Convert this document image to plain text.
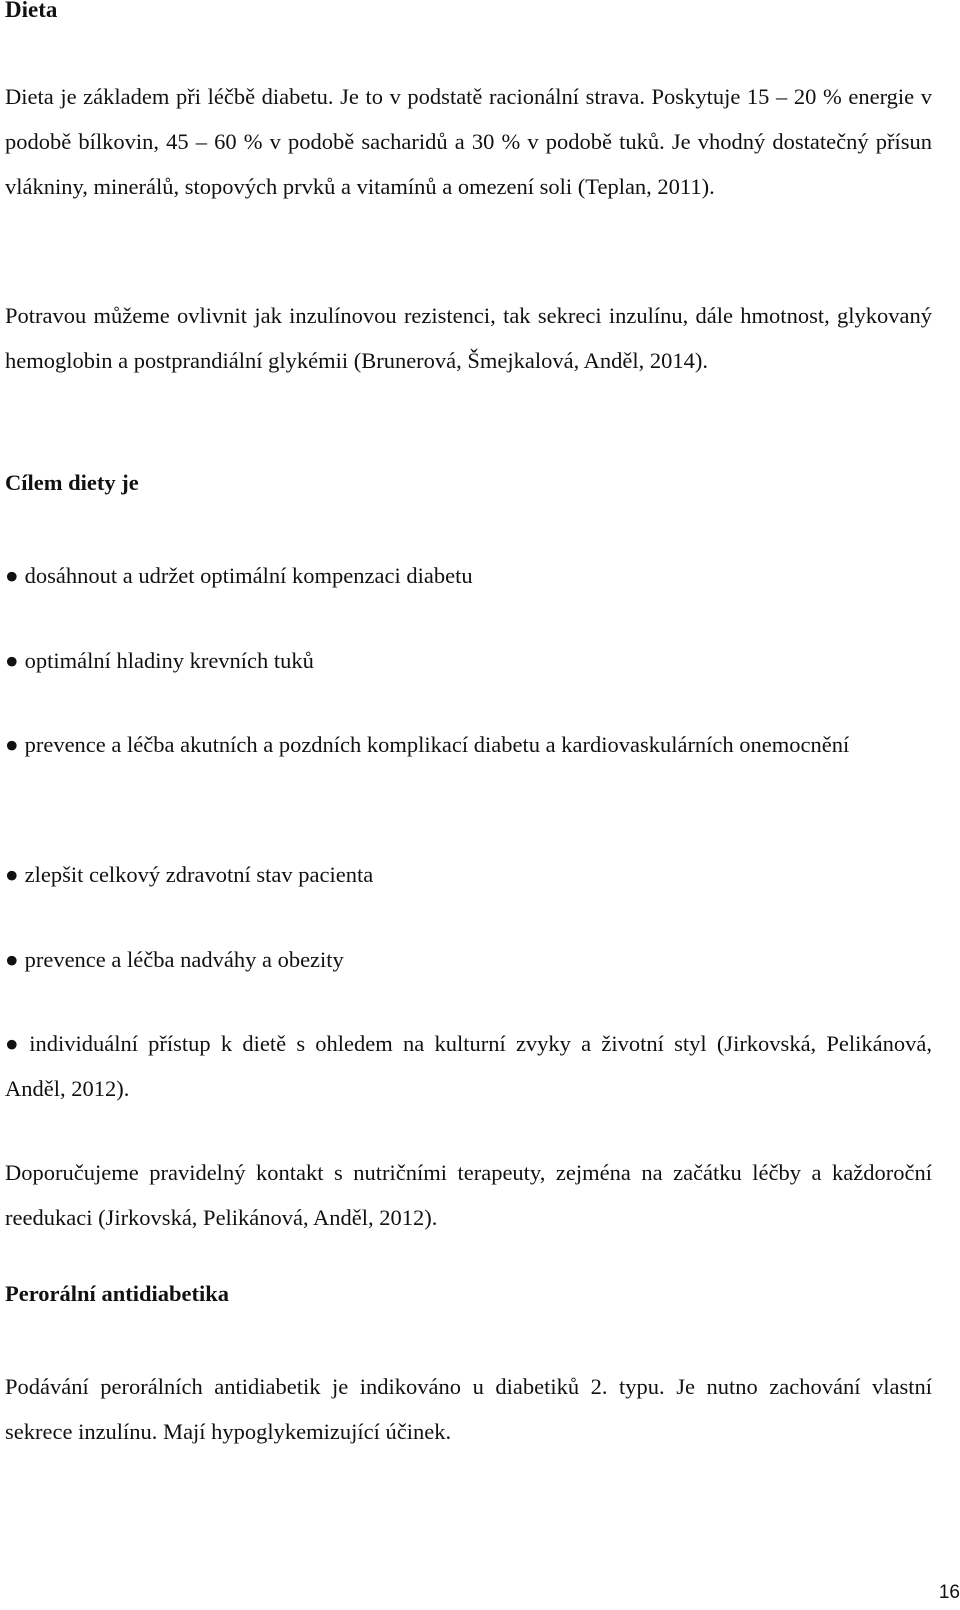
Dieta

Dieta je základem při léčbě diabetu. Je to v podstatě racionální strava. Poskytuje 15 – 20 % energie v podobě bílkovin, 45 – 60 % v podobě sacharidů a 30 % v podobě tuků. Je vhodný dostatečný přísun vlákniny, minerálů, stopových prvků a vitamínů a omezení soli (Teplan, 2011).

Potravou můžeme ovlivnit jak inzulínovou rezistenci, tak sekreci inzulínu, dále hmotnost, glykovaný hemoglobin a postprandiální glykémii (Brunerová, Šmejkalová, Anděl, 2014).

Cílem diety je

● dosáhnout a udržet optimální kompenzaci diabetu

● optimální hladiny krevních tuků

● prevence a léčba akutních a pozdních komplikací diabetu a kardiovaskulárních onemocnění

● zlepšit celkový zdravotní stav pacienta

● prevence a léčba nadváhy a obezity

● individuální přístup k dietě s ohledem na kulturní zvyky a životní styl (Jirkovská, Pelikánová, Anděl, 2012).

Doporučujeme pravidelný kontakt s nutričními terapeuty, zejména na začátku léčby a každoroční reedukaci (Jirkovská, Pelikánová, Anděl, 2012).

Perorální antidiabetika

Podávání perorálních antidiabetik je indikováno u diabetiků 2. typu. Je nutno zachování vlastní sekrece inzulínu. Mají hypoglykemizující účinek.

16
